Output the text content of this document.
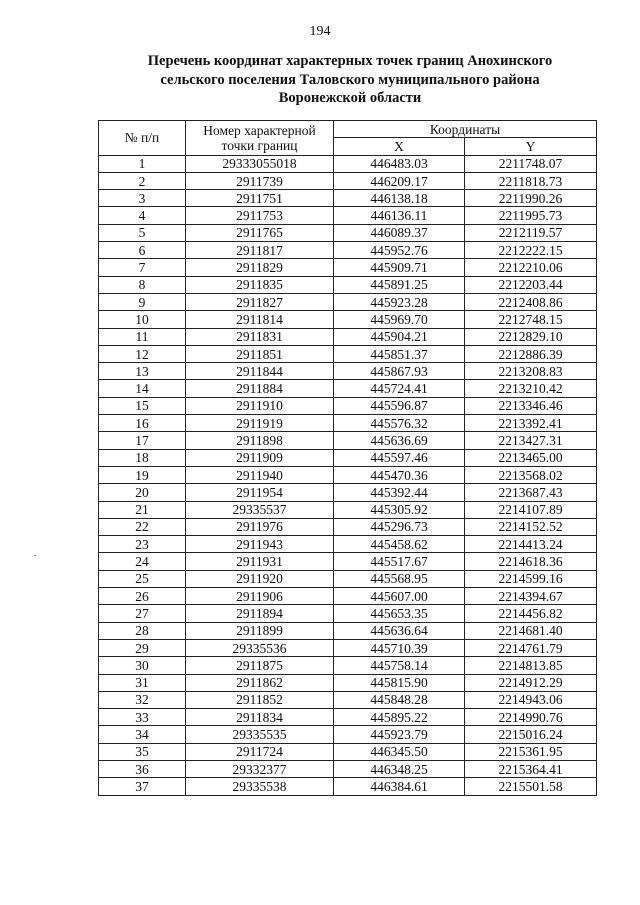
194
Перечень координат характерных точек границ Анохинского
сельского поселения Таловского муниципального района
Воронежской области
№ п/п	Номер характерной
точки границ	Координаты	
		X	Y
1	29333055018	446483.03	2211748.07
2	2911739	446209.17	2211818.73
3	2911751	446138.18	2211990.26
4	2911753	446136.11	2211995.73
5	2911765	446089.37	2212119.57
6	2911817	445952.76	2212222.15
7	2911829	445909.71	2212210.06
8	2911835	445891.25	2212203.44
9	2911827	445923.28	2212408.86
10	2911814	445969.70	2212748.15
11	2911831	445904.21	2212829.10
12	2911851	445851.37	2212886.39
13	2911844	445867.93	2213208.83
14	2911884	445724.41	2213210.42
15	2911910	445596.87	2213346.46
16	2911919	445576.32	2213392.41
17	2911898	445636.69	2213427.31
18	2911909	445597.46	2213465.00
19	2911940	445470.36	2213568.02
20	2911954	445392.44	2213687.43
21	29335537	445305.92	2214107.89
22	2911976	445296.73	2214152.52
23	2911943	445458.62	2214413.24
24	2911931	445517.67	2214618.36
25	2911920	445568.95	2214599.16
26	2911906	445607.00	2214394.67
27	2911894	445653.35	2214456.82
28	2911899	445636.64	2214681.40
29	29335536	445710.39	2214761.79
30	2911875	445758.14	2214813.85
31	2911862	445815.90	2214912.29
32	2911852	445848.28	2214943.06
33	2911834	445895.22	2214990.76
34	29335535	445923.79	2215016.24
35	2911724	446345.50	2215361.95
36	29332377	446348.25	2215364.41
37	29335538	446384.61	2215501.58
